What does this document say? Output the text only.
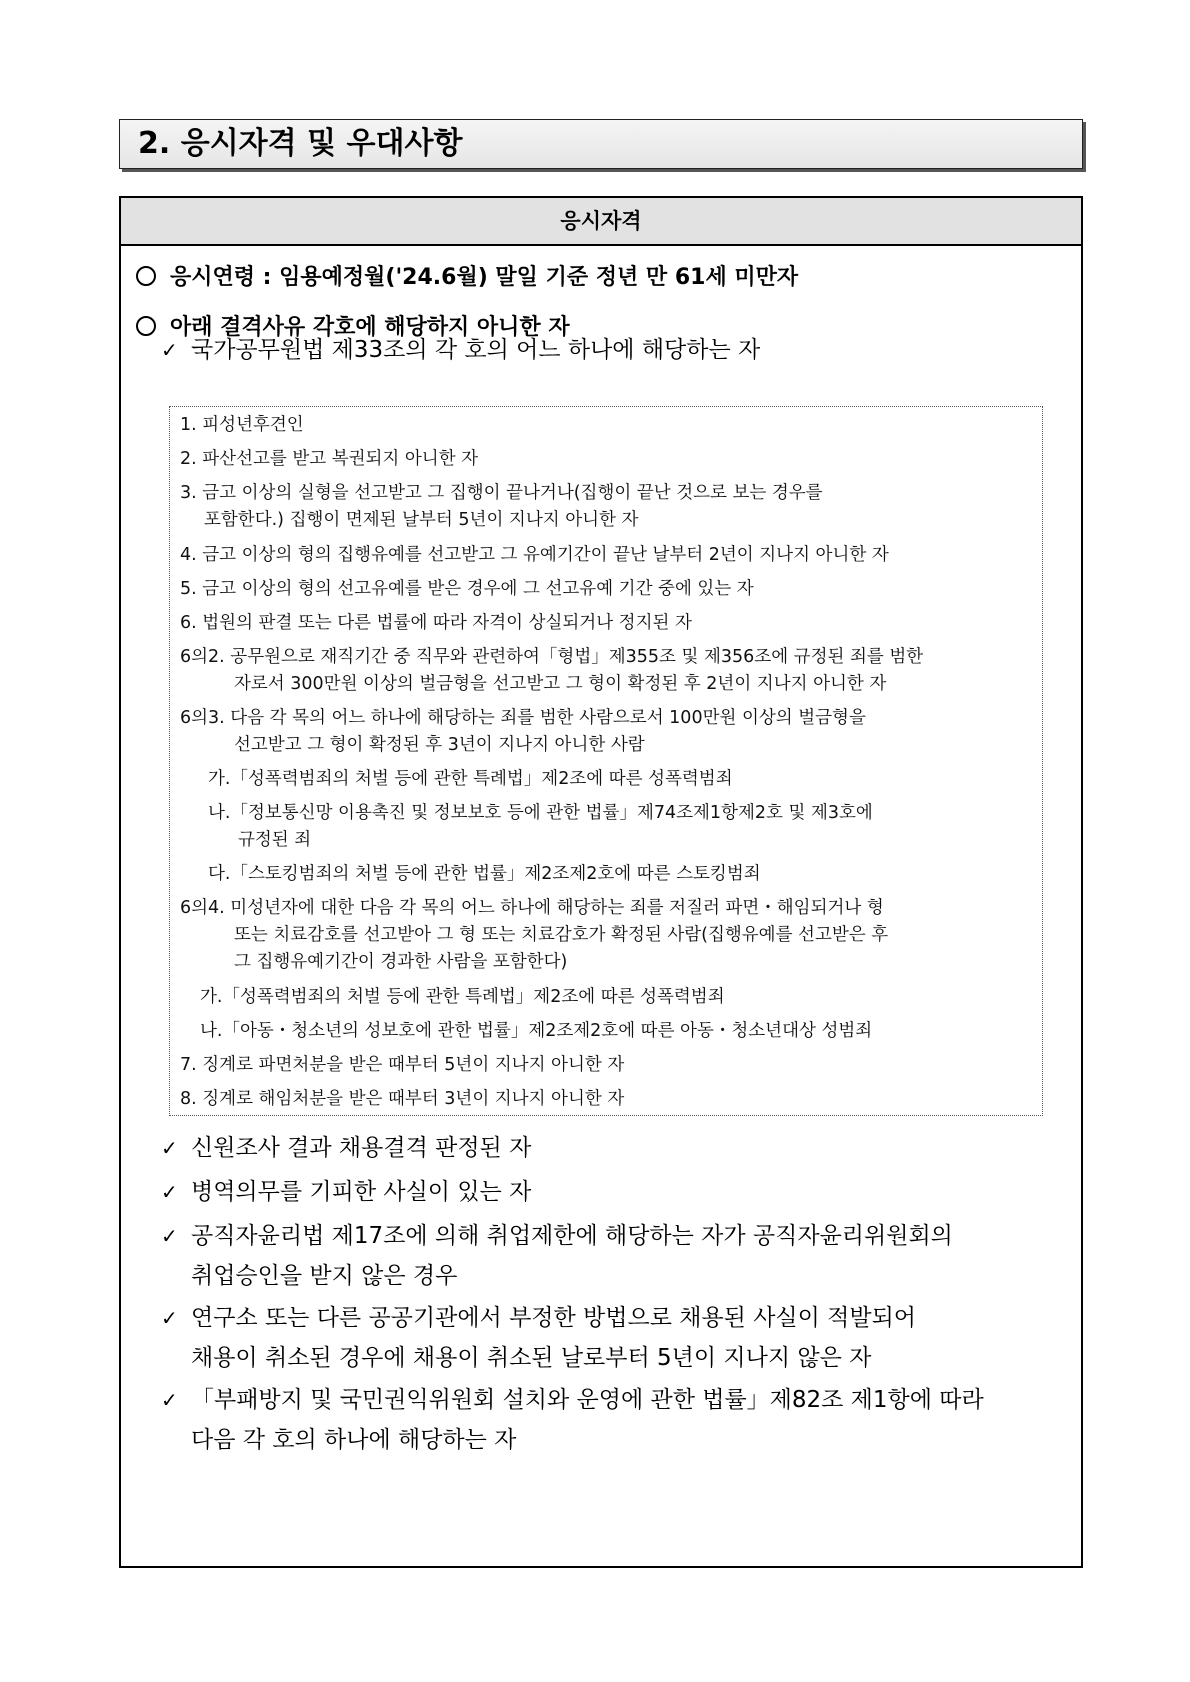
2. 응시자격 및 우대사항
응시자격
응시연령 : 임용예정월('24.6월) 말일 기준 정년 만 61세 미만자
아래 결격사유 각호에 해당하지 아니한 자
✓ 국가공무원법 제33조의 각 호의 어느 하나에 해당하는 자
1. 피성년후견인
2. 파산선고를 받고 복권되지 아니한 자
3. 금고 이상의 실형을 선고받고 그 집행이 끝나거나(집행이 끝난 것으로 보는 경우를
포함한다.) 집행이 면제된 날부터 5년이 지나지 아니한 자
4. 금고 이상의 형의 집행유예를 선고받고 그 유예기간이 끝난 날부터 2년이 지나지 아니한 자
5. 금고 이상의 형의 선고유예를 받은 경우에 그 선고유예 기간 중에 있는 자
6. 법원의 판결 또는 다른 법률에 따라 자격이 상실되거나 정지된 자
6의2. 공무원으로 재직기간 중 직무와 관련하여「형법」제355조 및 제356조에 규정된 죄를 범한
자로서 300만원 이상의 벌금형을 선고받고 그 형이 확정된 후 2년이 지나지 아니한 자
6의3. 다음 각 목의 어느 하나에 해당하는 죄를 범한 사람으로서 100만원 이상의 벌금형을
선고받고 그 형이 확정된 후 3년이 지나지 아니한 사람
가.「성폭력범죄의 처벌 등에 관한 특례법」제2조에 따른 성폭력범죄
나.「정보통신망 이용촉진 및 정보보호 등에 관한 법률」제74조제1항제2호 및 제3호에
규정된 죄
다.「스토킹범죄의 처벌 등에 관한 법률」제2조제2호에 따른 스토킹범죄
6의4. 미성년자에 대한 다음 각 목의 어느 하나에 해당하는 죄를 저질러 파면・해임되거나 형
또는 치료감호를 선고받아 그 형 또는 치료감호가 확정된 사람(집행유예를 선고받은 후
그 집행유예기간이 경과한 사람을 포함한다)
가.「성폭력범죄의 처벌 등에 관한 특례법」제2조에 따른 성폭력범죄
나.「아동・청소년의 성보호에 관한 법률」제2조제2호에 따른 아동・청소년대상 성범죄
7. 징계로 파면처분을 받은 때부터 5년이 지나지 아니한 자
8. 징계로 해임처분을 받은 때부터 3년이 지나지 아니한 자
✓ 신원조사 결과 채용결격 판정된 자
✓ 병역의무를 기피한 사실이 있는 자
✓ 공직자윤리법 제17조에 의해 취업제한에 해당하는 자가 공직자윤리위원회의
취업승인을 받지 않은 경우
✓ 연구소 또는 다른 공공기관에서 부정한 방법으로 채용된 사실이 적발되어
채용이 취소된 경우에 채용이 취소된 날로부터 5년이 지나지 않은 자
✓ 「부패방지 및 국민권익위원회 설치와 운영에 관한 법률」제82조 제1항에 따라
다음 각 호의 하나에 해당하는 자
